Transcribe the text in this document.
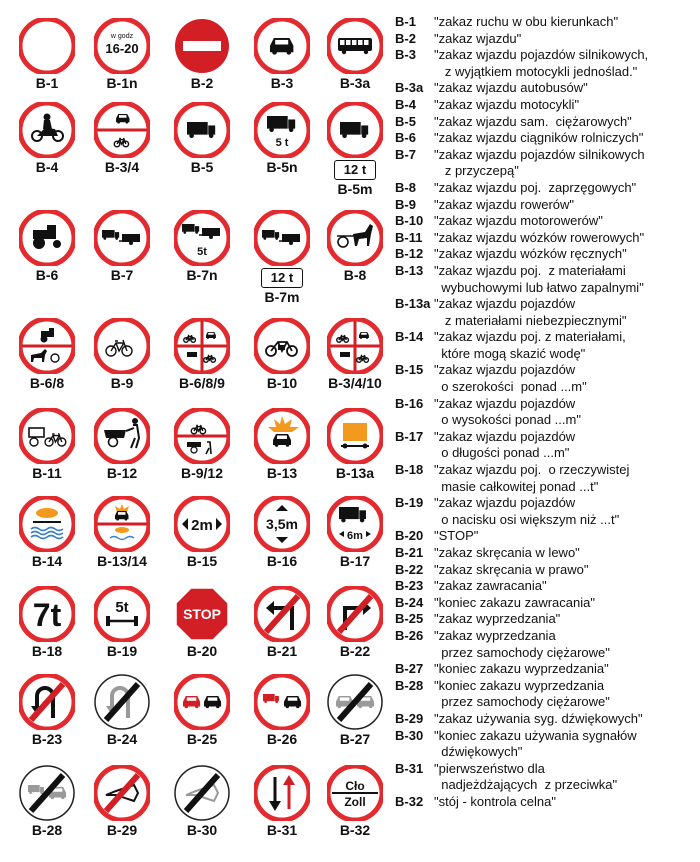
B-1
w godz
16-20
B-1n	B-2	B-3	B-3a
B-4	B-3/4	B-5
5 t
B-5n	12 t
B-5m
B-6	B-7
5t
B-7n	12 t
B-7m
B-8
B-6/8	B-9	B-6/8/9	B-10	B-3/4/10
B-11	B-12	B-9/12	B-13	B-13a
B-14	B-13/14
2m
B-15
3,5m
B-16
6m
B-17
7t
B-18
5t
B-19
STOP
B-20	B-21	B-22
B-23	B-24	B-25	B-26	B-27
B-28	B-29	B-30	B-31
Cło
Zoll
B-32
B-1	"zakaz ruchu w obu kierunkach"
B-2	"zakaz wjazdu"
B-3	"zakaz wjazdu pojazdów silnikowych,
z wyjątkiem motocykli jednoślad."
B-3a "zakaz wjazdu autobusów"
B-4	"zakaz wjazdu motocykli"
B-5	"zakaz wjazdu sam.  ciężarowych"
B-6	"zakaz wjazdu ciągników rolniczych"
B-7	"zakaz wjazdu pojazdów silnikowych
z przyczepą"
B-8	"zakaz wjazdu poj.  zaprzęgowych"
B-9	"zakaz wjazdu rowerów"
B-10 "zakaz wjazdu motorowerów"
B-11 "zakaz wjazdu wózków rowerowych"
B-12 "zakaz wjazdu wózków ręcznych"
B-13 "zakaz wjazdu poj.  z materiałami
wybuchowymi lub łatwo zapalnymi"
B-13a "zakaz wjazdu pojazdów
z materiałami niebezpiecznymi"
B-14 "zakaz wjazdu poj. z materiałami,
które mogą skazić wodę"
B-15 "zakaz wjazdu pojazdów
o szerokości  ponad ...m"
B-16 "zakaz wjazdu pojazdów
o wysokości ponad ...m"
B-17 "zakaz wjazdu pojazdów
o długości ponad ...m"
B-18 "zakaz wjazdu poj.  o rzeczywistej
masie całkowitej ponad ...t"
B-19 "zakaz wjazdu pojazdów
o nacisku osi większym niż ...t"
B-20 "STOP"
B-21 "zakaz skręcania w lewo"
B-22 "zakaz skręcania w prawo"
B-23 "zakaz zawracania"
B-24 "koniec zakazu zawracania"
B-25 "zakaz wyprzedzania"
B-26 "zakaz wyprzedzania
przez samochody ciężarowe"
B-27 "koniec zakazu wyprzedzania"
B-28 "koniec zakazu wyprzedzania
przez samochody ciężarowe"
B-29 "zakaz używania syg. dźwiękowych"
B-30 "koniec zakazu używania sygnałów
dźwiękowych"
B-31 "pierwszeństwo dla
nadjeżdżających  z przeciwka"
B-32 "stój - kontrola celna"
